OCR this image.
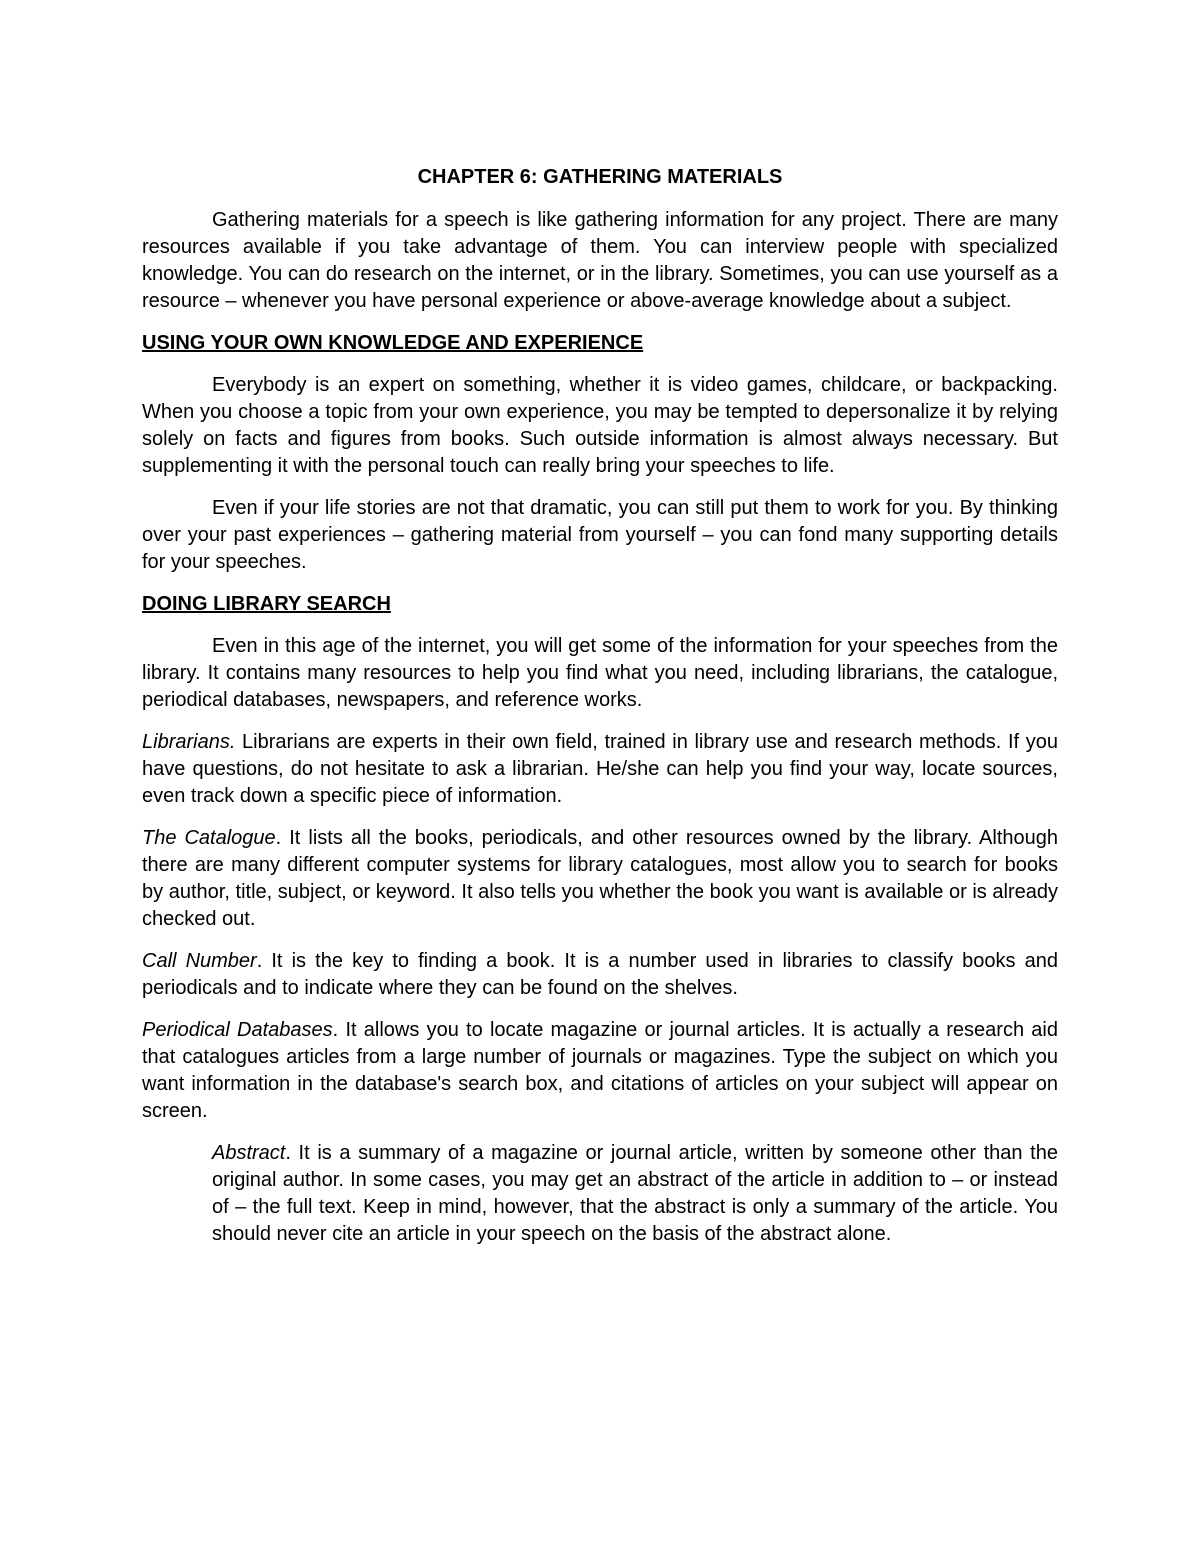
CHAPTER 6: GATHERING MATERIALS

Gathering materials for a speech is like gathering information for any project. There are many resources available if you take advantage of them. You can interview people with specialized knowledge. You can do research on the internet, or in the library. Sometimes, you can use yourself as a resource – whenever you have personal experience or above-average knowledge about a subject.

USING YOUR OWN KNOWLEDGE AND EXPERIENCE

Everybody is an expert on something, whether it is video games, childcare, or backpacking. When you choose a topic from your own experience, you may be tempted to depersonalize it by relying solely on facts and figures from books. Such outside information is almost always necessary. But supplementing it with the personal touch can really bring your speeches to life.

Even if your life stories are not that dramatic, you can still put them to work for you. By thinking over your past experiences – gathering material from yourself – you can fond many supporting details for your speeches.

DOING LIBRARY SEARCH

Even in this age of the internet, you will get some of the information for your speeches from the library. It contains many resources to help you find what you need, including librarians, the catalogue, periodical databases, newspapers, and reference works.

Librarians. Librarians are experts in their own field, trained in library use and research methods. If you have questions, do not hesitate to ask a librarian. He/she can help you find your way, locate sources, even track down a specific piece of information.

The Catalogue. It lists all the books, periodicals, and other resources owned by the library. Although there are many different computer systems for library catalogues, most allow you to search for books by author, title, subject, or keyword. It also tells you whether the book you want is available or is already checked out.

Call Number. It is the key to finding a book. It is a number used in libraries to classify books and periodicals and to indicate where they can be found on the shelves.

Periodical Databases. It allows you to locate magazine or journal articles. It is actually a research aid that catalogues articles from a large number of journals or magazines. Type the subject on which you want information in the database's search box, and citations of articles on your subject will appear on screen.

Abstract. It is a summary of a magazine or journal article, written by someone other than the original author. In some cases, you may get an abstract of the article in addition to – or instead of – the full text. Keep in mind, however, that the abstract is only a summary of the article. You should never cite an article in your speech on the basis of the abstract alone.
